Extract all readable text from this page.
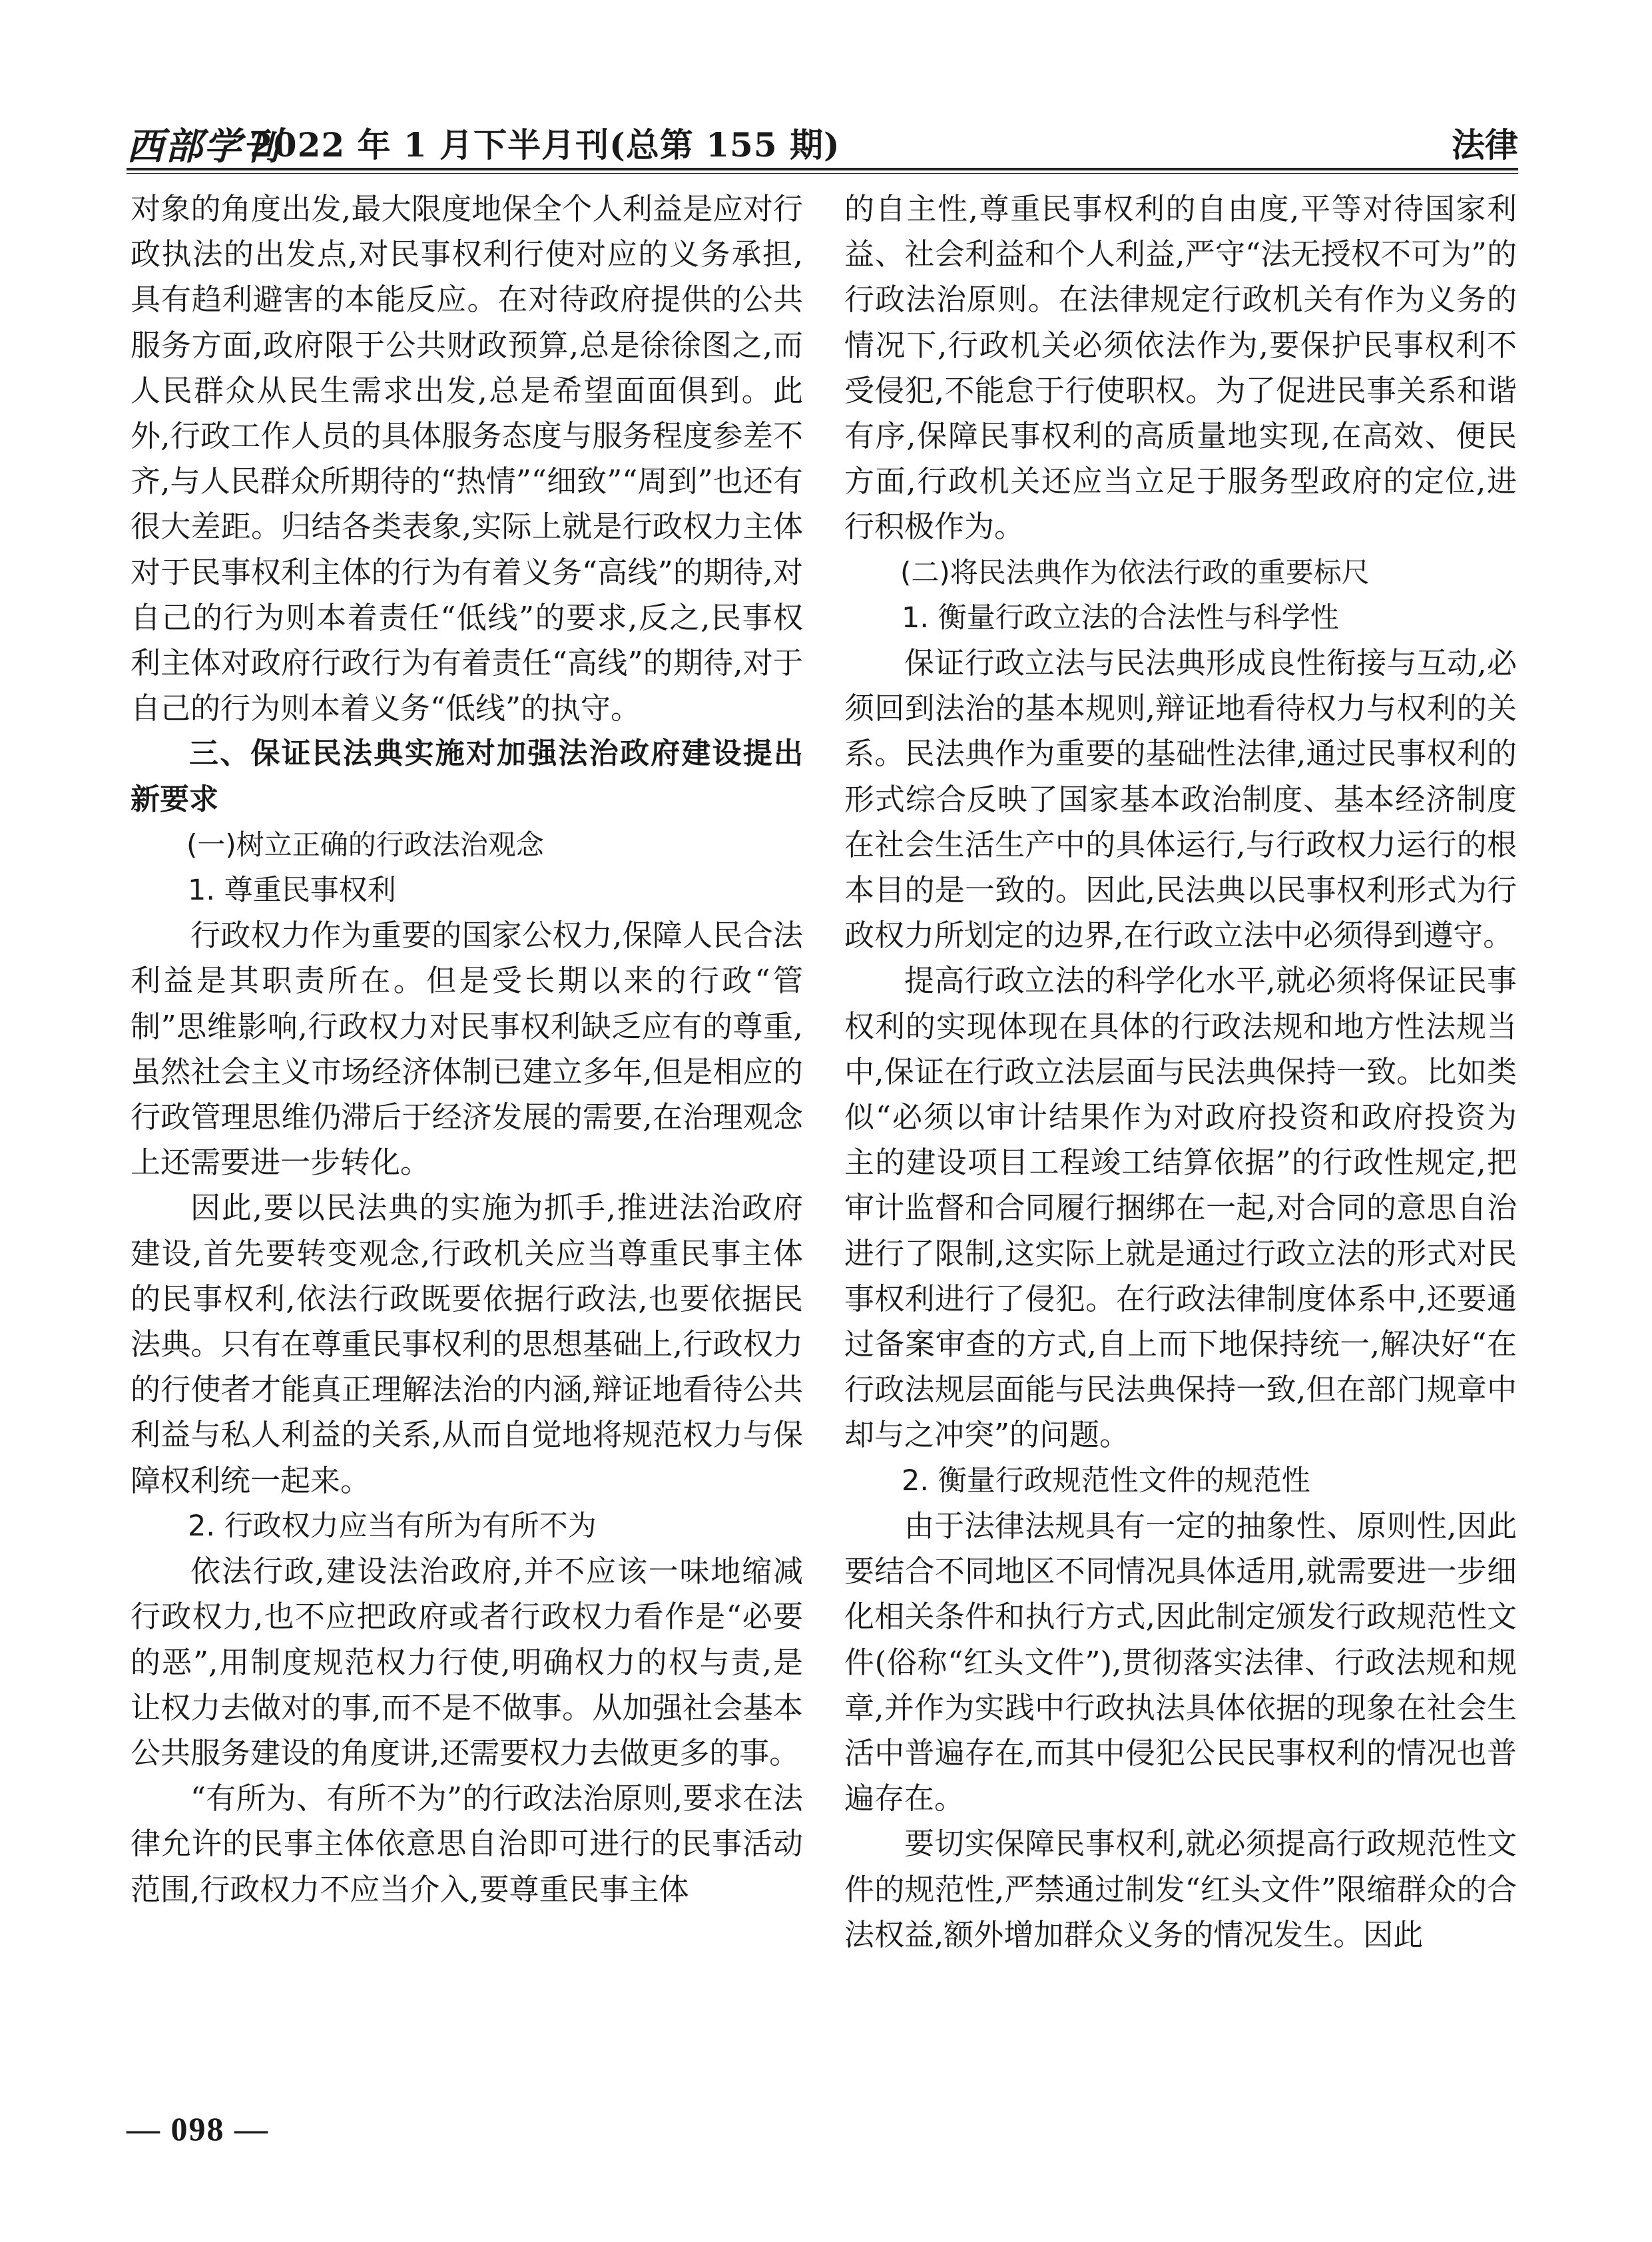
西部学刊
2022 年 1 月下半月刊(总第 155 期)	法律

对象的角度出发,最大限度地保全个人利益是应对行政执法的出发点,对民事权利行使对应的义务承担,具有趋利避害的本能反应。在对待政府提供的公共服务方面,政府限于公共财政预算,总是徐徐图之,而人民群众从民生需求出发,总是希望面面俱到。此外,行政工作人员的具体服务态度与服务程度参差不齐,与人民群众所期待的“热情”“细致”“周到”也还有很大差距。归结各类表象,实际上就是行政权力主体对于民事权利主体的行为有着义务“高线”的期待,对自己的行为则本着责任“低线”的要求,反之,民事权利主体对政府行政行为有着责任“高线”的期待,对于自己的行为则本着义务“低线”的执守。

三、保证民法典实施对加强法治政府建设提出新要求

(一)树立正确的行政法治观念

1. 尊重民事权利

行政权力作为重要的国家公权力,保障人民合法利益是其职责所在。但是受长期以来的行政“管制”思维影响,行政权力对民事权利缺乏应有的尊重,虽然社会主义市场经济体制已建立多年,但是相应的行政管理思维仍滞后于经济发展的需要,在治理观念上还需要进一步转化。

因此,要以民法典的实施为抓手,推进法治政府建设,首先要转变观念,行政机关应当尊重民事主体的民事权利,依法行政既要依据行政法,也要依据民法典。只有在尊重民事权利的思想基础上,行政权力的行使者才能真正理解法治的内涵,辩证地看待公共利益与私人利益的关系,从而自觉地将规范权力与保障权利统一起来。

2. 行政权力应当有所为有所不为

依法行政,建设法治政府,并不应该一味地缩减行政权力,也不应把政府或者行政权力看作是“必要的恶”,用制度规范权力行使,明确权力的权与责,是让权力去做对的事,而不是不做事。从加强社会基本公共服务建设的角度讲,还需要权力去做更多的事。

“有所为、有所不为”的行政法治原则,要求在法律允许的民事主体依意思自治即可进行的民事活动范围,行政权力不应当介入,要尊重民事主体

的自主性,尊重民事权利的自由度,平等对待国家利益、社会利益和个人利益,严守“法无授权不可为”的行政法治原则。在法律规定行政机关有作为义务的情况下,行政机关必须依法作为,要保护民事权利不受侵犯,不能怠于行使职权。为了促进民事关系和谐有序,保障民事权利的高质量地实现,在高效、便民方面,行政机关还应当立足于服务型政府的定位,进行积极作为。

(二)将民法典作为依法行政的重要标尺

1. 衡量行政立法的合法性与科学性

保证行政立法与民法典形成良性衔接与互动,必须回到法治的基本规则,辩证地看待权力与权利的关系。民法典作为重要的基础性法律,通过民事权利的形式综合反映了国家基本政治制度、基本经济制度在社会生活生产中的具体运行,与行政权力运行的根本目的是一致的。因此,民法典以民事权利形式为行政权力所划定的边界,在行政立法中必须得到遵守。

提高行政立法的科学化水平,就必须将保证民事权利的实现体现在具体的行政法规和地方性法规当中,保证在行政立法层面与民法典保持一致。比如类似“必须以审计结果作为对政府投资和政府投资为主的建设项目工程竣工结算依据”的行政性规定,把审计监督和合同履行捆绑在一起,对合同的意思自治进行了限制,这实际上就是通过行政立法的形式对民事权利进行了侵犯。在行政法律制度体系中,还要通过备案审查的方式,自上而下地保持统一,解决好“在行政法规层面能与民法典保持一致,但在部门规章中却与之冲突”的问题。

2. 衡量行政规范性文件的规范性

由于法律法规具有一定的抽象性、原则性,因此要结合不同地区不同情况具体适用,就需要进一步细化相关条件和执行方式,因此制定颁发行政规范性文件(俗称“红头文件”),贯彻落实法律、行政法规和规章,并作为实践中行政执法具体依据的现象在社会生活中普遍存在,而其中侵犯公民民事权利的情况也普遍存在。

要切实保障民事权利,就必须提高行政规范性文件的规范性,严禁通过制发“红头文件”限缩群众的合法权益,额外增加群众义务的情况发生。因此

— 098 —
